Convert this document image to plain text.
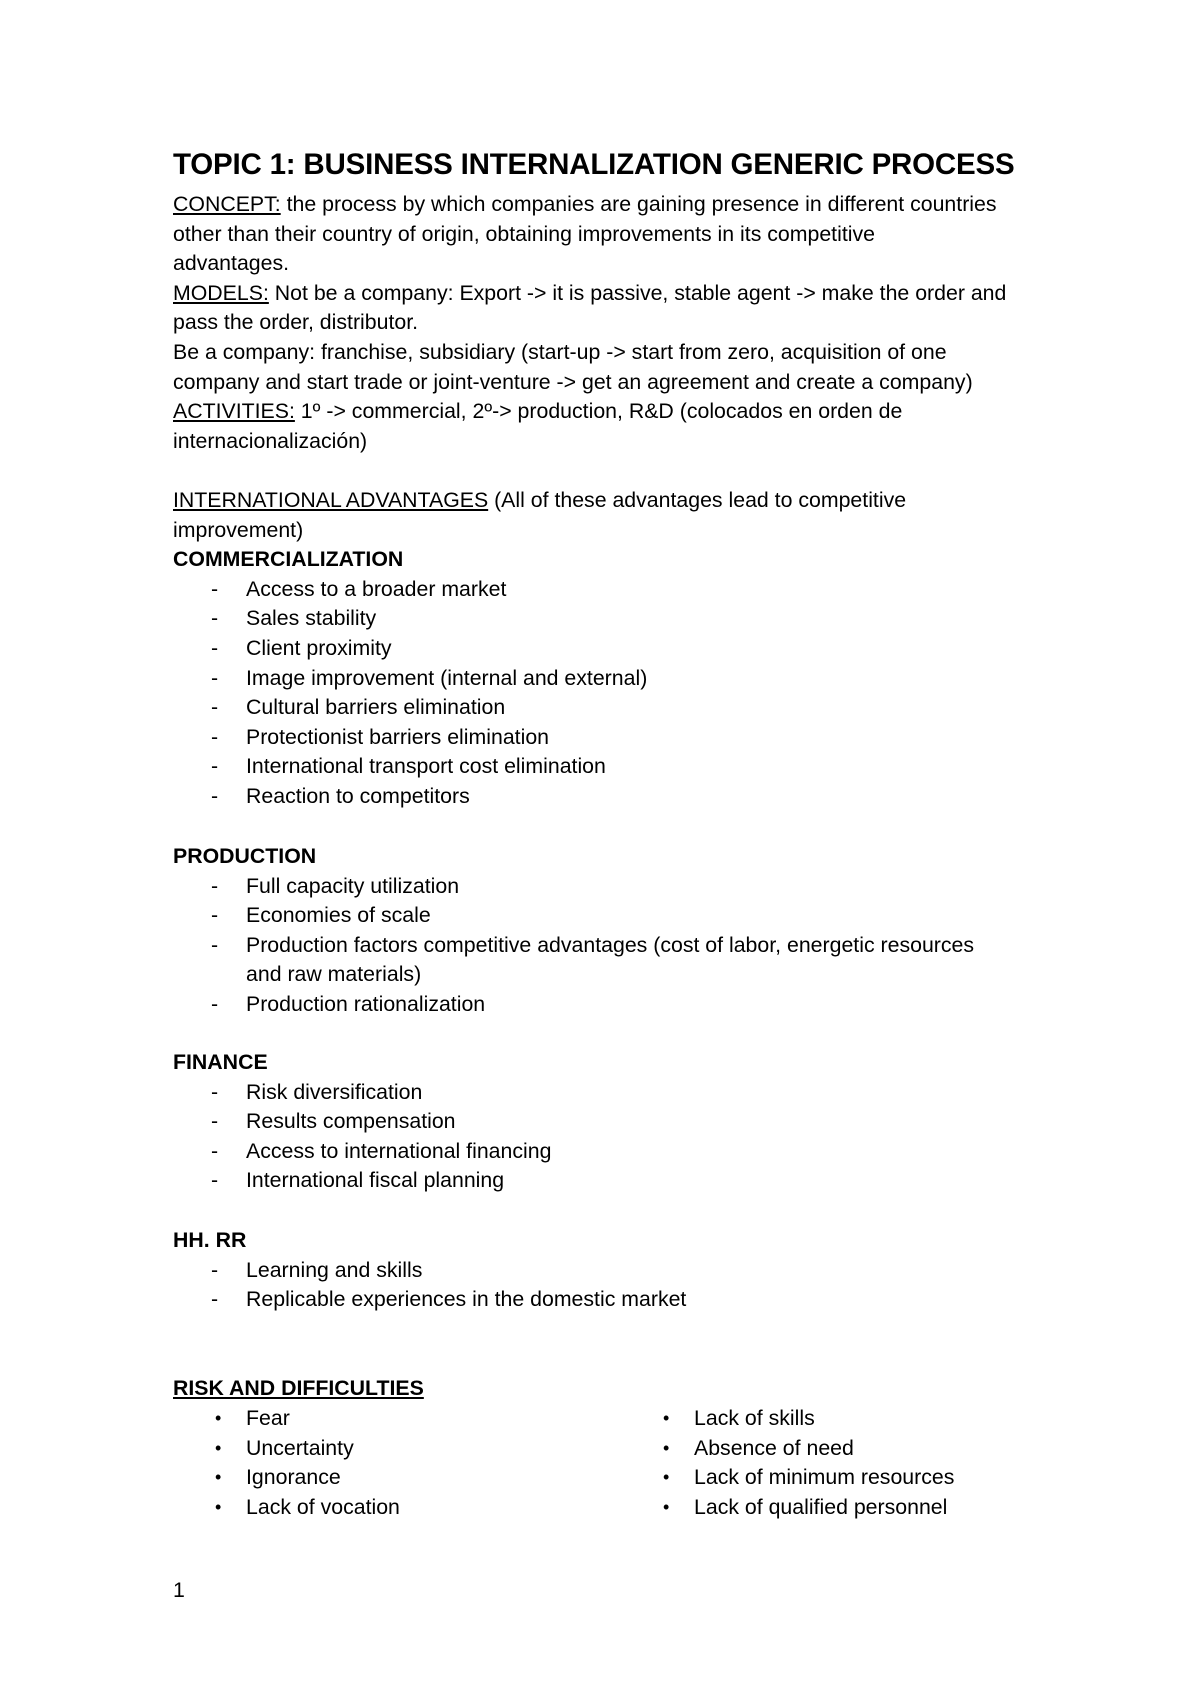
TOPIC 1: BUSINESS INTERNALIZATION GENERIC PROCESS
CONCEPT: the process by which companies are gaining presence in different countries
other than their country of origin, obtaining improvements in its competitive
advantages.
MODELS: Not be a company: Export -> it is passive, stable agent -> make the order and
pass the order, distributor.
Be a company: franchise, subsidiary (start-up -> start from zero, acquisition of one
company and start trade or joint-venture -> get an agreement and create a company)
ACTIVITIES: 1º -> commercial, 2º-> production, R&D (colocados en orden de
internacionalización)
INTERNATIONAL ADVANTAGES (All of these advantages lead to competitive
improvement)
COMMERCIALIZATION
- Access to a broader market
- Sales stability
- Client proximity
- Image improvement (internal and external)
- Cultural barriers elimination
- Protectionist barriers elimination
- International transport cost elimination
- Reaction to competitors
PRODUCTION
- Full capacity utilization
- Economies of scale
- Production factors competitive advantages (cost of labor, energetic resources
and raw materials)
- Production rationalization
FINANCE
- Risk diversification
- Results compensation
- Access to international financing
- International fiscal planning
HH. RR
- Learning and skills
- Replicable experiences in the domestic market
RISK AND DIFFICULTIES
• Fear
• Uncertainty
• Ignorance
• Lack of vocation
• Lack of skills
• Absence of need
• Lack of minimum resources
• Lack of qualified personnel
1
